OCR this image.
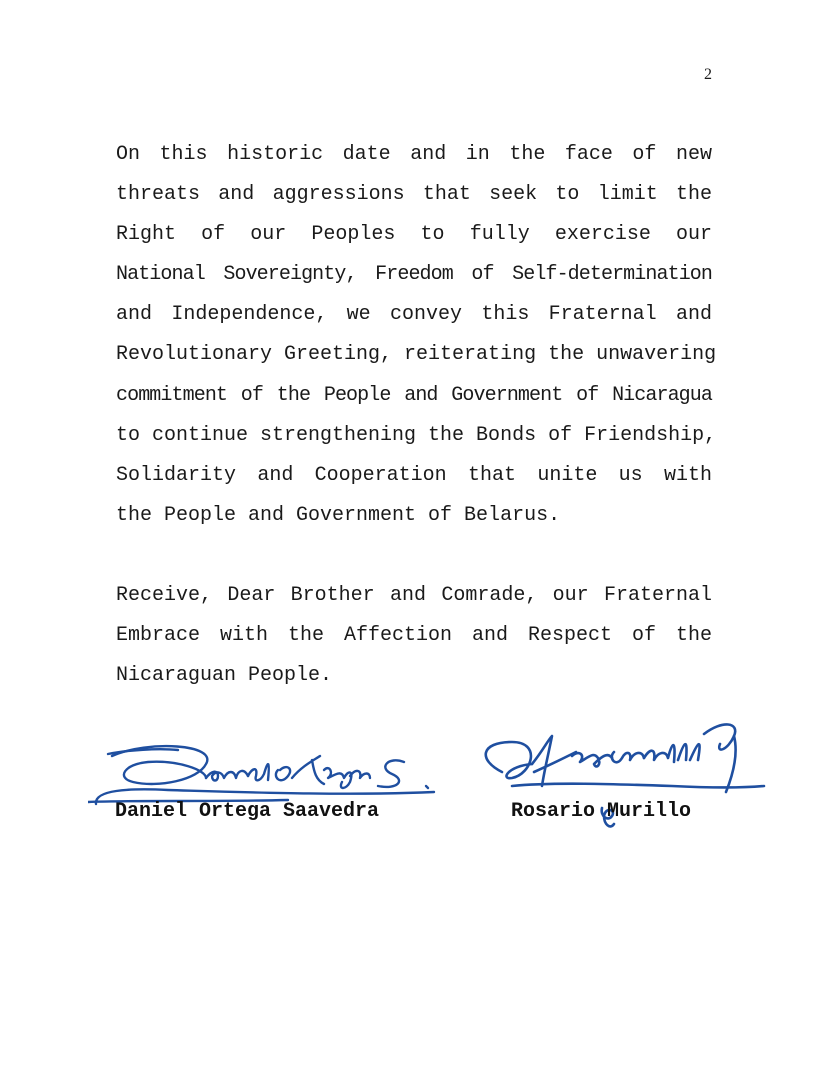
2

On this historic date and in the face of new

threats and aggressions that seek to limit the

Right of our Peoples to fully exercise our

National Sovereignty, Freedom of Self-determination

and Independence, we convey this Fraternal and

Revolutionary Greeting, reiterating the unwavering

commitment of the People and Government of Nicaragua

to continue strengthening the Bonds of Friendship,

Solidarity and Cooperation that unite us with

the People and Government of Belarus.

Receive, Dear Brother and Comrade, our Fraternal

Embrace with the Affection and Respect of the

Nicaraguan People.

Daniel Ortega Saavedra	Rosario Murillo
